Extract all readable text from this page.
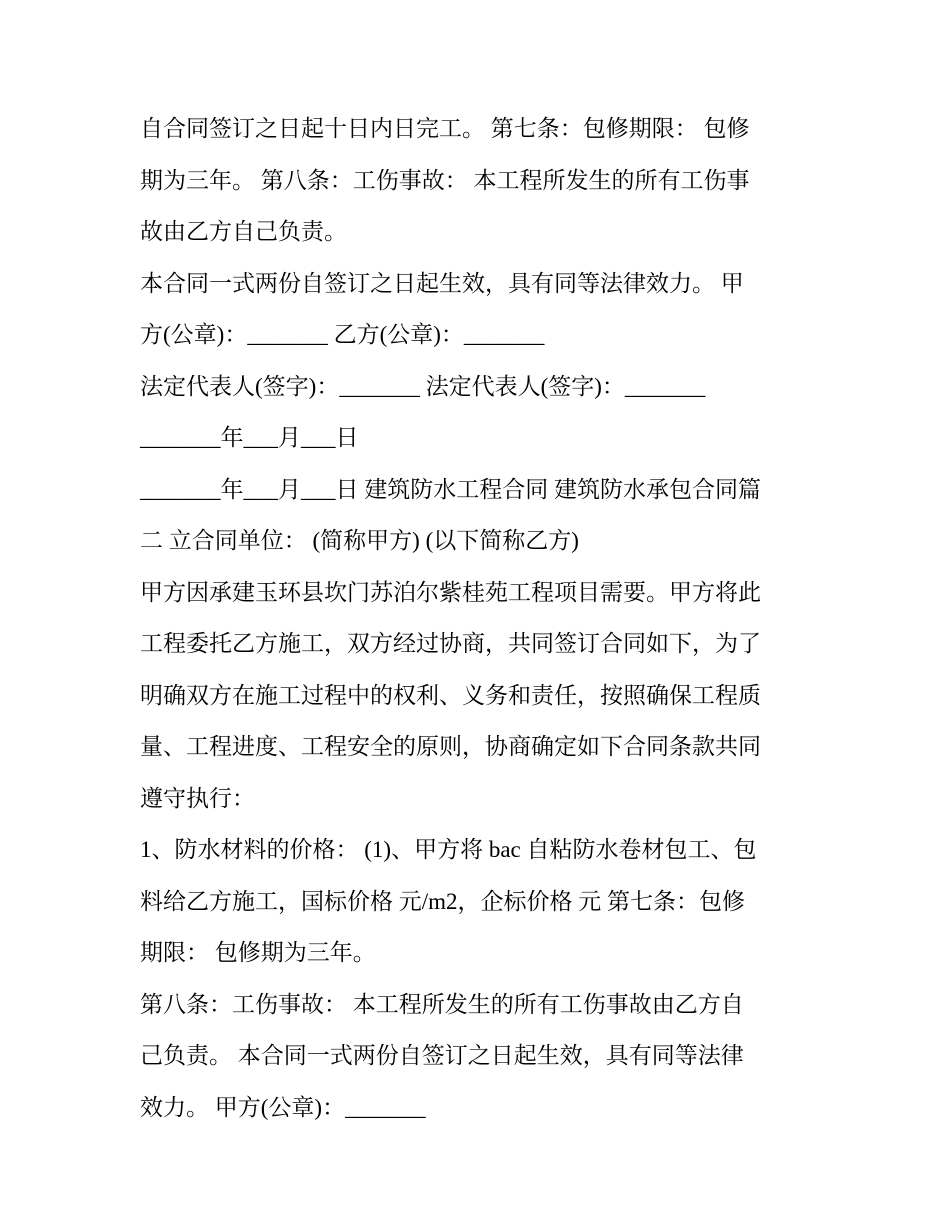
自合同签订之日起十日内日完工。 第七条：包修期限： 包修
期为三年。 第八条：工伤事故： 本工程所发生的所有工伤事
故由乙方自己负责。
本合同一式两份自签订之日起生效，具有同等法律效力。 甲
方(公章)：_______ 乙方(公章)：_______
法定代表人(签字)：_______ 法定代表人(签字)：_______
_______年___月___日
_______年___月___日 建筑防水工程合同 建筑防水承包合同篇
二 立合同单位： (简称甲方) (以下简称乙方)
甲方因承建玉环县坎门苏泊尔紫桂苑工程项目需要。甲方将此
工程委托乙方施工，双方经过协商，共同签订合同如下，为了
明确双方在施工过程中的权利、义务和责任，按照确保工程质
量、工程进度、工程安全的原则，协商确定如下合同条款共同
遵守执行：
1、防水材料的价格： (1)、甲方将 bac 自粘防水卷材包工、包
料给乙方施工，国标价格 元/m2，企标价格 元 第七条：包修
期限： 包修期为三年。
第八条：工伤事故： 本工程所发生的所有工伤事故由乙方自
己负责。 本合同一式两份自签订之日起生效，具有同等法律
效力。 甲方(公章)：_______
